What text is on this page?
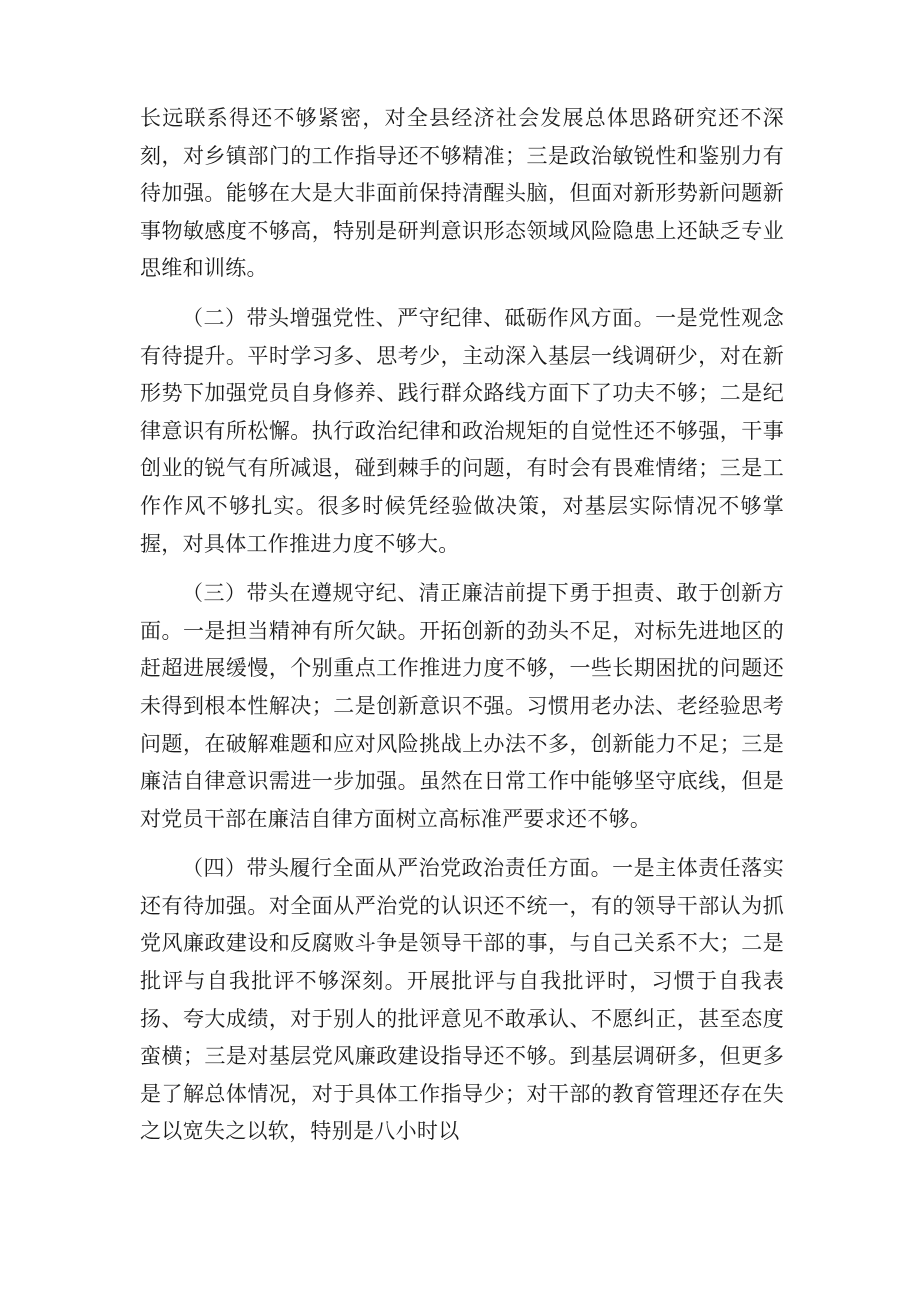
长远联系得还不够紧密，对全县经济社会发展总体思路研究还不深刻，对乡镇部门的工作指导还不够精准；三是政治敏锐性和鉴别力有待加强。能够在大是大非面前保持清醒头脑，但面对新形势新问题新事物敏感度不够高，特别是研判意识形态领域风险隐患上还缺乏专业思维和训练。

（二）带头增强党性、严守纪律、砥砺作风方面。一是党性观念有待提升。平时学习多、思考少，主动深入基层一线调研少，对在新形势下加强党员自身修养、践行群众路线方面下了功夫不够；二是纪律意识有所松懈。执行政治纪律和政治规矩的自觉性还不够强，干事创业的锐气有所减退，碰到棘手的问题，有时会有畏难情绪；三是工作作风不够扎实。很多时候凭经验做决策，对基层实际情况不够掌握，对具体工作推进力度不够大。

（三）带头在遵规守纪、清正廉洁前提下勇于担责、敢于创新方面。一是担当精神有所欠缺。开拓创新的劲头不足，对标先进地区的赶超进展缓慢，个别重点工作推进力度不够，一些长期困扰的问题还未得到根本性解决；二是创新意识不强。习惯用老办法、老经验思考问题，在破解难题和应对风险挑战上办法不多，创新能力不足；三是廉洁自律意识需进一步加强。虽然在日常工作中能够坚守底线，但是对党员干部在廉洁自律方面树立高标准严要求还不够。

（四）带头履行全面从严治党政治责任方面。一是主体责任落实还有待加强。对全面从严治党的认识还不统一，有的领导干部认为抓党风廉政建设和反腐败斗争是领导干部的事，与自己关系不大；二是批评与自我批评不够深刻。开展批评与自我批评时，习惯于自我表扬、夸大成绩，对于别人的批评意见不敢承认、不愿纠正，甚至态度蛮横；三是对基层党风廉政建设指导还不够。到基层调研多，但更多是了解总体情况，对于具体工作指导少；对干部的教育管理还存在失之以宽失之以软，特别是八小时以
